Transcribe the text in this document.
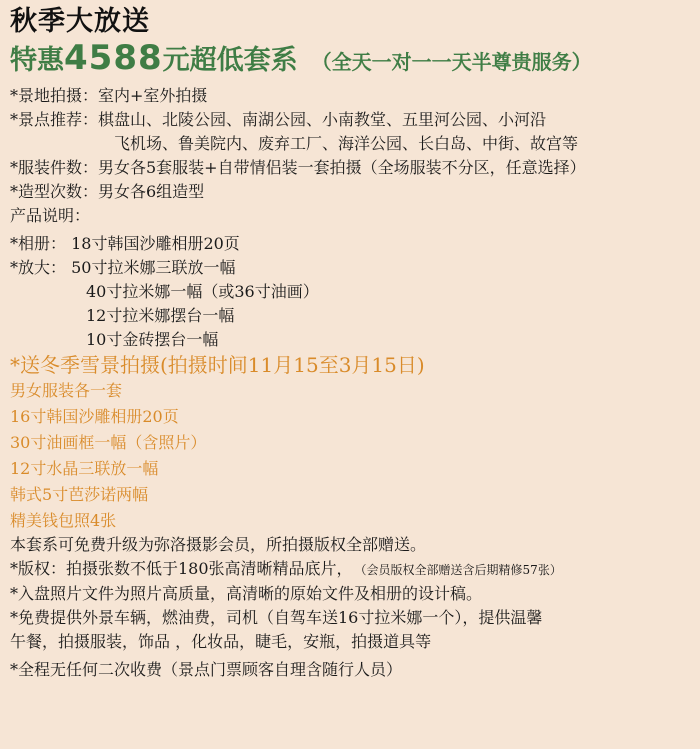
秋季大放送
特惠4588元超低套系 （全天一对一一天半尊贵服务）
*景地拍摄：室内+室外拍摄
*景点推荐：棋盘山、北陵公园、南湖公园、小南教堂、五里河公园、小河沿
飞机场、鲁美院内、废弃工厂、海洋公园、长白岛、中街、故宫等
*服装件数：男女各5套服装+自带情侣装一套拍摄（全场服装不分区，任意选择）
*造型次数：男女各6组造型
产品说明：
*相册： 18寸韩国沙雕相册20页
*放大： 50寸拉米娜三联放一幅
40寸拉米娜一幅（或36寸油画）
12寸拉米娜摆台一幅
10寸金砖摆台一幅
*送冬季雪景拍摄(拍摄时间11月15至3月15日)
男女服装各一套
16寸韩国沙雕相册20页
30寸油画框一幅（含照片）
12寸水晶三联放一幅
韩式5寸芭莎诺两幅
精美钱包照4张
本套系可免费升级为弥洛摄影会员，所拍摄版权全部赠送。
*版权：拍摄张数不低于180张高清晰精品底片， （会员版权全部赠送含后期精修57张）
*入盘照片文件为照片高质量，高清晰的原始文件及相册的设计稿。
*免费提供外景车辆，燃油费，司机（自驾车送16寸拉米娜一个），提供温馨
午餐，拍摄服装，饰品 ，化妆品，睫毛，安瓶，拍摄道具等
*全程无任何二次收费（景点门票顾客自理含随行人员）
